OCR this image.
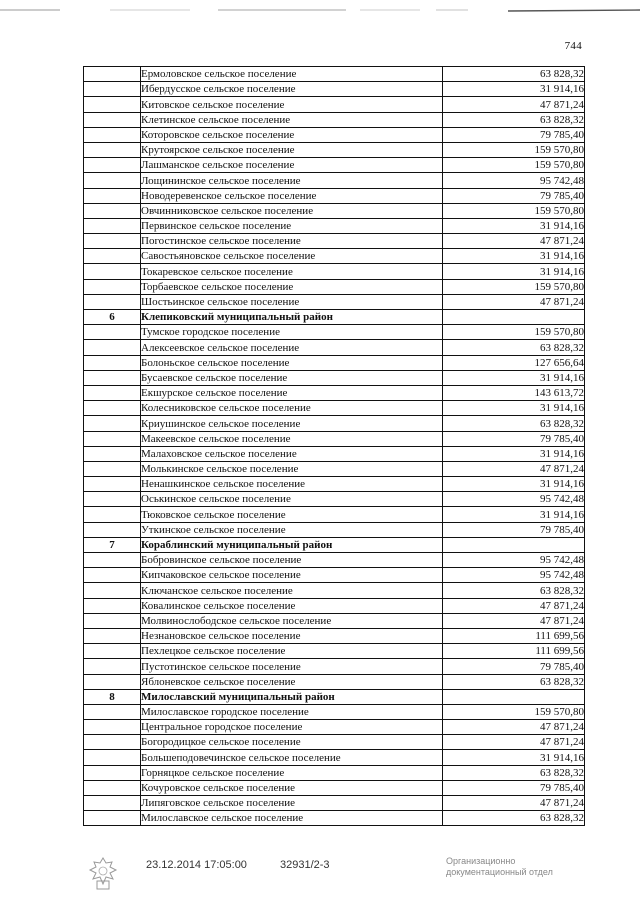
744
	Ермоловское сельское поселение	63 828,32
	Ибердусское сельское поселение	31 914,16
	Китовское сельское поселение	47 871,24
	Клетинское сельское поселение	63 828,32
	Которовское сельское поселение	79 785,40
	Крутоярское сельское поселение	159 570,80
	Лашманское сельское поселение	159 570,80
	Лощининское сельское поселение	95 742,48
	Новодеревенское сельское поселение	79 785,40
	Овчинниковское сельское поселение	159 570,80
	Первинское сельское поселение	31 914,16
	Погостинское сельское поселение	47 871,24
	Савостьяновское сельское поселение	31 914,16
	Токаревское сельское поселение	31 914,16
	Торбаевское сельское поселение	159 570,80
	Шостьинское сельское поселение	47 871,24
6	Клепиковский муниципальный район	
	Тумское городское поселение	159 570,80
	Алексеевское сельское поселение	63 828,32
	Болоньское сельское поселение	127 656,64
	Бусаевское сельское поселение	31 914,16
	Екшурское сельское поселение	143 613,72
	Колесниковское сельское поселение	31 914,16
	Криушинское сельское поселение	63 828,32
	Макеевское сельское поселение	79 785,40
	Малаховское сельское поселение	31 914,16
	Молькинское сельское поселение	47 871,24
	Ненашкинское сельское поселение	31 914,16
	Оськинское сельское поселение	95 742,48
	Тюковское сельское поселение	31 914,16
	Уткинское сельское поселение	79 785,40
7	Кораблинский муниципальный район	
	Бобровинское сельское поселение	95 742,48
	Кипчаковское сельское поселение	95 742,48
	Ключанское сельское поселение	63 828,32
	Ковалинское сельское поселение	47 871,24
	Молвинослободское сельское поселение	47 871,24
	Незнановское сельское поселение	111 699,56
	Пехлецкое сельское поселение	111 699,56
	Пустотинское сельское поселение	79 785,40
	Яблоневское сельское поселение	63 828,32
8	Милославский муниципальный район	
	Милославское городское поселение	159 570,80
	Центральное городское поселение	47 871,24
	Богородицкое сельское поселение	47 871,24
	Большеподовечинское сельское поселение	31 914,16
	Горняцкое сельское поселение	63 828,32
	Кочуровское сельское поселение	79 785,40
	Липяговское сельское поселение	47 871,24
	Милославское сельское поселение	63 828,32
23.12.2014 17:05:00	32931/2-3	Организационно
документационный отдел
